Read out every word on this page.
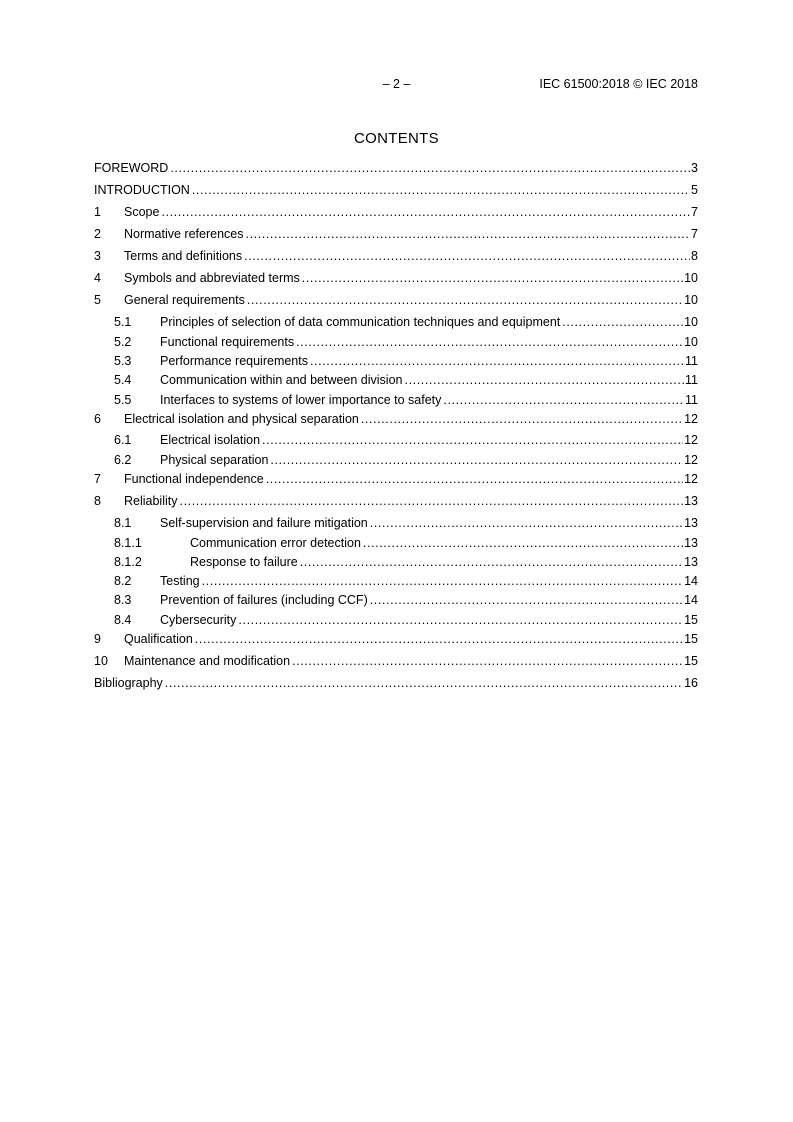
– 2 –	IEC 61500:2018 © IEC 2018
CONTENTS
FOREWORD .....	3
INTRODUCTION .....	5
1	Scope .....	7
2	Normative references .....	7
3	Terms and definitions .....	8
4	Symbols and abbreviated terms .....	10
5	General requirements .....	10
5.1	Principles of selection of data communication techniques and equipment .....	10
5.2	Functional requirements .....	10
5.3	Performance requirements .....	11
5.4	Communication within and between division .....	11
5.5	Interfaces to systems of lower importance to safety .....	11
6	Electrical isolation and physical separation .....	12
6.1	Electrical isolation .....	12
6.2	Physical separation .....	12
7	Functional independence .....	12
8	Reliability .....	13
8.1	Self-supervision and failure mitigation .....	13
8.1.1	Communication error detection .....	13
8.1.2	Response to failure .....	13
8.2	Testing .....	14
8.3	Prevention of failures (including CCF) .....	14
8.4	Cybersecurity .....	15
9	Qualification .....	15
10	Maintenance and modification .....	15
Bibliography .....	16
